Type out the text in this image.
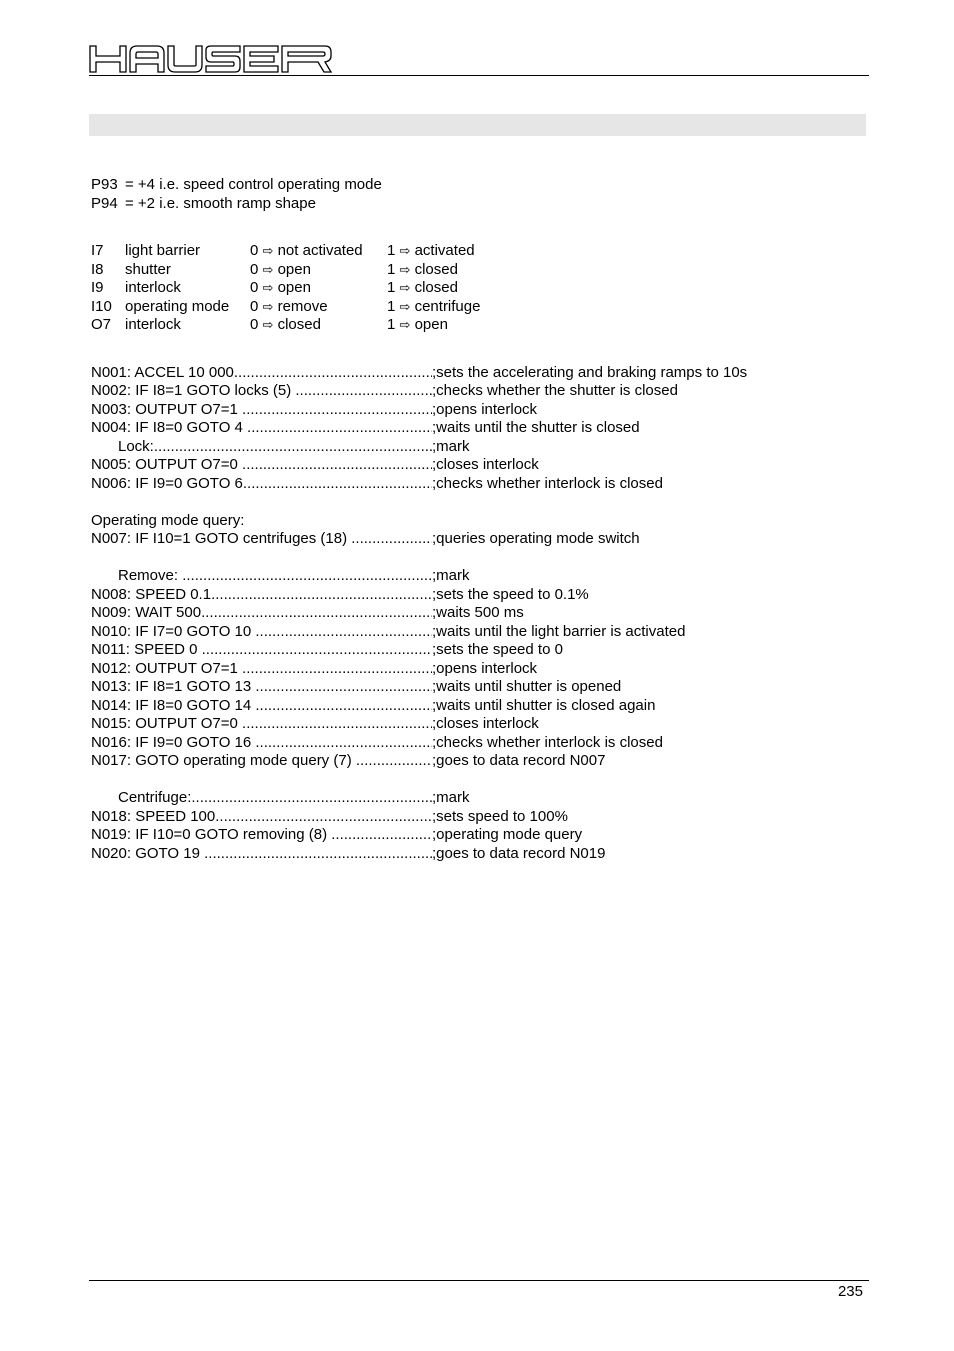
P93 = +4 i.e. speed control operating mode
P94 = +2 i.e. smooth ramp shape
I7	light barrier	0 ⇨ not activated	1 ⇨ activated
I8	shutter	0 ⇨ open	1 ⇨ closed
I9	interlock	0 ⇨ open	1 ⇨ closed
I10 operating mode	0 ⇨ remove	1 ⇨ centrifuge
O7 interlock	0 ⇨ closed	1 ⇨ open
N001: ACCEL 10 000 .....	;sets the accelerating and braking ramps to 10s
N002: IF I8=1 GOTO locks (5) .....	;checks whether the shutter is closed
N003: OUTPUT O7=1 .....	;opens interlock
N004: IF I8=0 GOTO 4 .....	;waits until the shutter is closed
Lock: .....	;mark
N005: OUTPUT O7=0 .....	;closes interlock
N006: IF I9=0 GOTO 6 .....	;checks whether interlock is closed
Operating mode query:
N007: IF I10=1 GOTO centrifuges (18) .....	;queries operating mode switch
Remove: .....	;mark
N008: SPEED 0.1 .....	;sets the speed to 0.1%
N009: WAIT 500 .....	;waits 500 ms
N010: IF I7=0 GOTO 10 .....	;waits until the light barrier is activated
N011: SPEED 0 .....	;sets the speed to 0
N012: OUTPUT O7=1 .....	;opens interlock
N013: IF I8=1 GOTO 13 .....	;waits until shutter is opened
N014: IF I8=0 GOTO 14 .....	;waits until shutter is closed again
N015: OUTPUT O7=0 .....	;closes interlock
N016: IF I9=0 GOTO 16 .....	;checks whether interlock is closed
N017: GOTO operating mode query (7) .....	;goes to data record N007
Centrifuge: .....	;mark
N018: SPEED 100 .....	;sets speed to 100%
N019: IF I10=0 GOTO removing (8) .....	;operating mode query
N020: GOTO 19 .....	;goes to data record N019
235
